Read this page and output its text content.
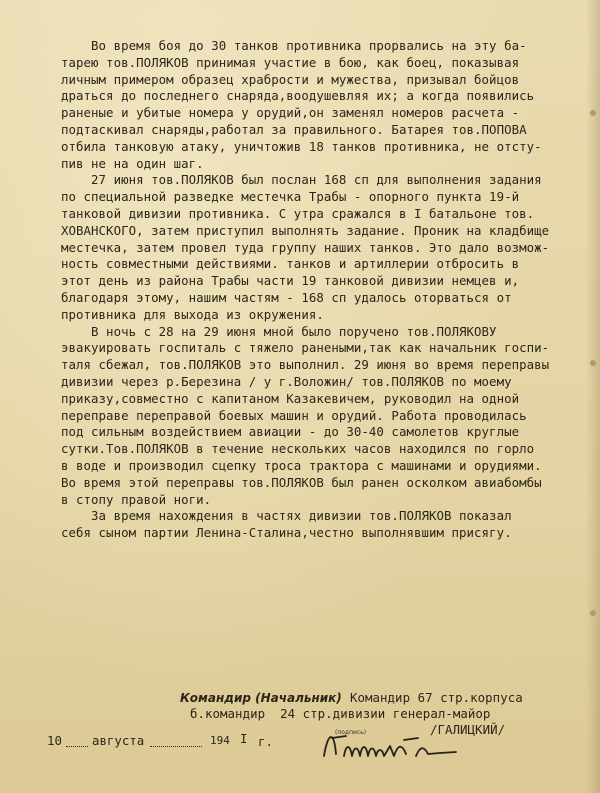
Во время боя до 30 танков противника прорвались на эту ба-
тарею тов.ПОЛЯКОВ принимая участие в бою, как боец, показывая
личным примером образец храбрости и мужества, призывал бойцов
драться до последнего снаряда,воодушевляя их; а когда появились
раненые и убитые номера у орудий,он заменял номеров расчета -
подтаскивал снаряды,работал за правильного. Батарея тов.ПОПОВА
отбила танковую атаку, уничтожив 18 танков противника, не отсту-
пив не на один шаг.
27 июня тов.ПОЛЯКОВ был послан 168 сп для выполнения задания
по специальной разведке местечка Трабы - опорного пункта 19-й
танковой дивизии противника. С утра сражался в I батальоне тов.
ХОВАНСКОГО, затем приступил выполнять задание. Проник на кладбище
местечка, затем провел туда группу наших танков. Это дало возмож-
ность совместными действиями. танков и артиллерии отбросить в
этот день из района Трабы части 19 танковой дивизии немцев и,
благодаря этому, нашим частям - 168 сп удалось оторваться от
противника для выхода из окружения.
В ночь с 28 на 29 июня мной было поручено тов.ПОЛЯКОВУ
эвакуировать госпиталь с тяжело ранеными,так как начальник госпи-
таля сбежал, тов.ПОЛЯКОВ это выполнил. 29 июня во время переправы
дивизии через р.Березина / у г.Воложин/ тов.ПОЛЯКОВ по моему
приказу,совместно с капитаном Казакевичем, руководил на одной
переправе переправой боевых машин и орудий. Работа проводилась
под сильным воздействием авиации - до 30-40 самолетов круглые
сутки.Тов.ПОЛЯКОВ в течение нескольких часов находился по горло
в воде и производил сцепку троса трактора с машинами и орудиями.
Во время этой переправы тов.ПОЛЯКОВ был ранен осколком авиабомбы
в стопу правой ноги.
За время нахождения в частях дивизии тов.ПОЛЯКОВ показал
себя сыном партии Ленина-Сталина,честно выполнявшим присягу.
Командир (Начальник) Командир 67 стр.корпуса
б.командир  24 стр.дивизии генерал-майор
/ГАЛИЦКИЙ/
(подпись)
10 августа	194 I г.
